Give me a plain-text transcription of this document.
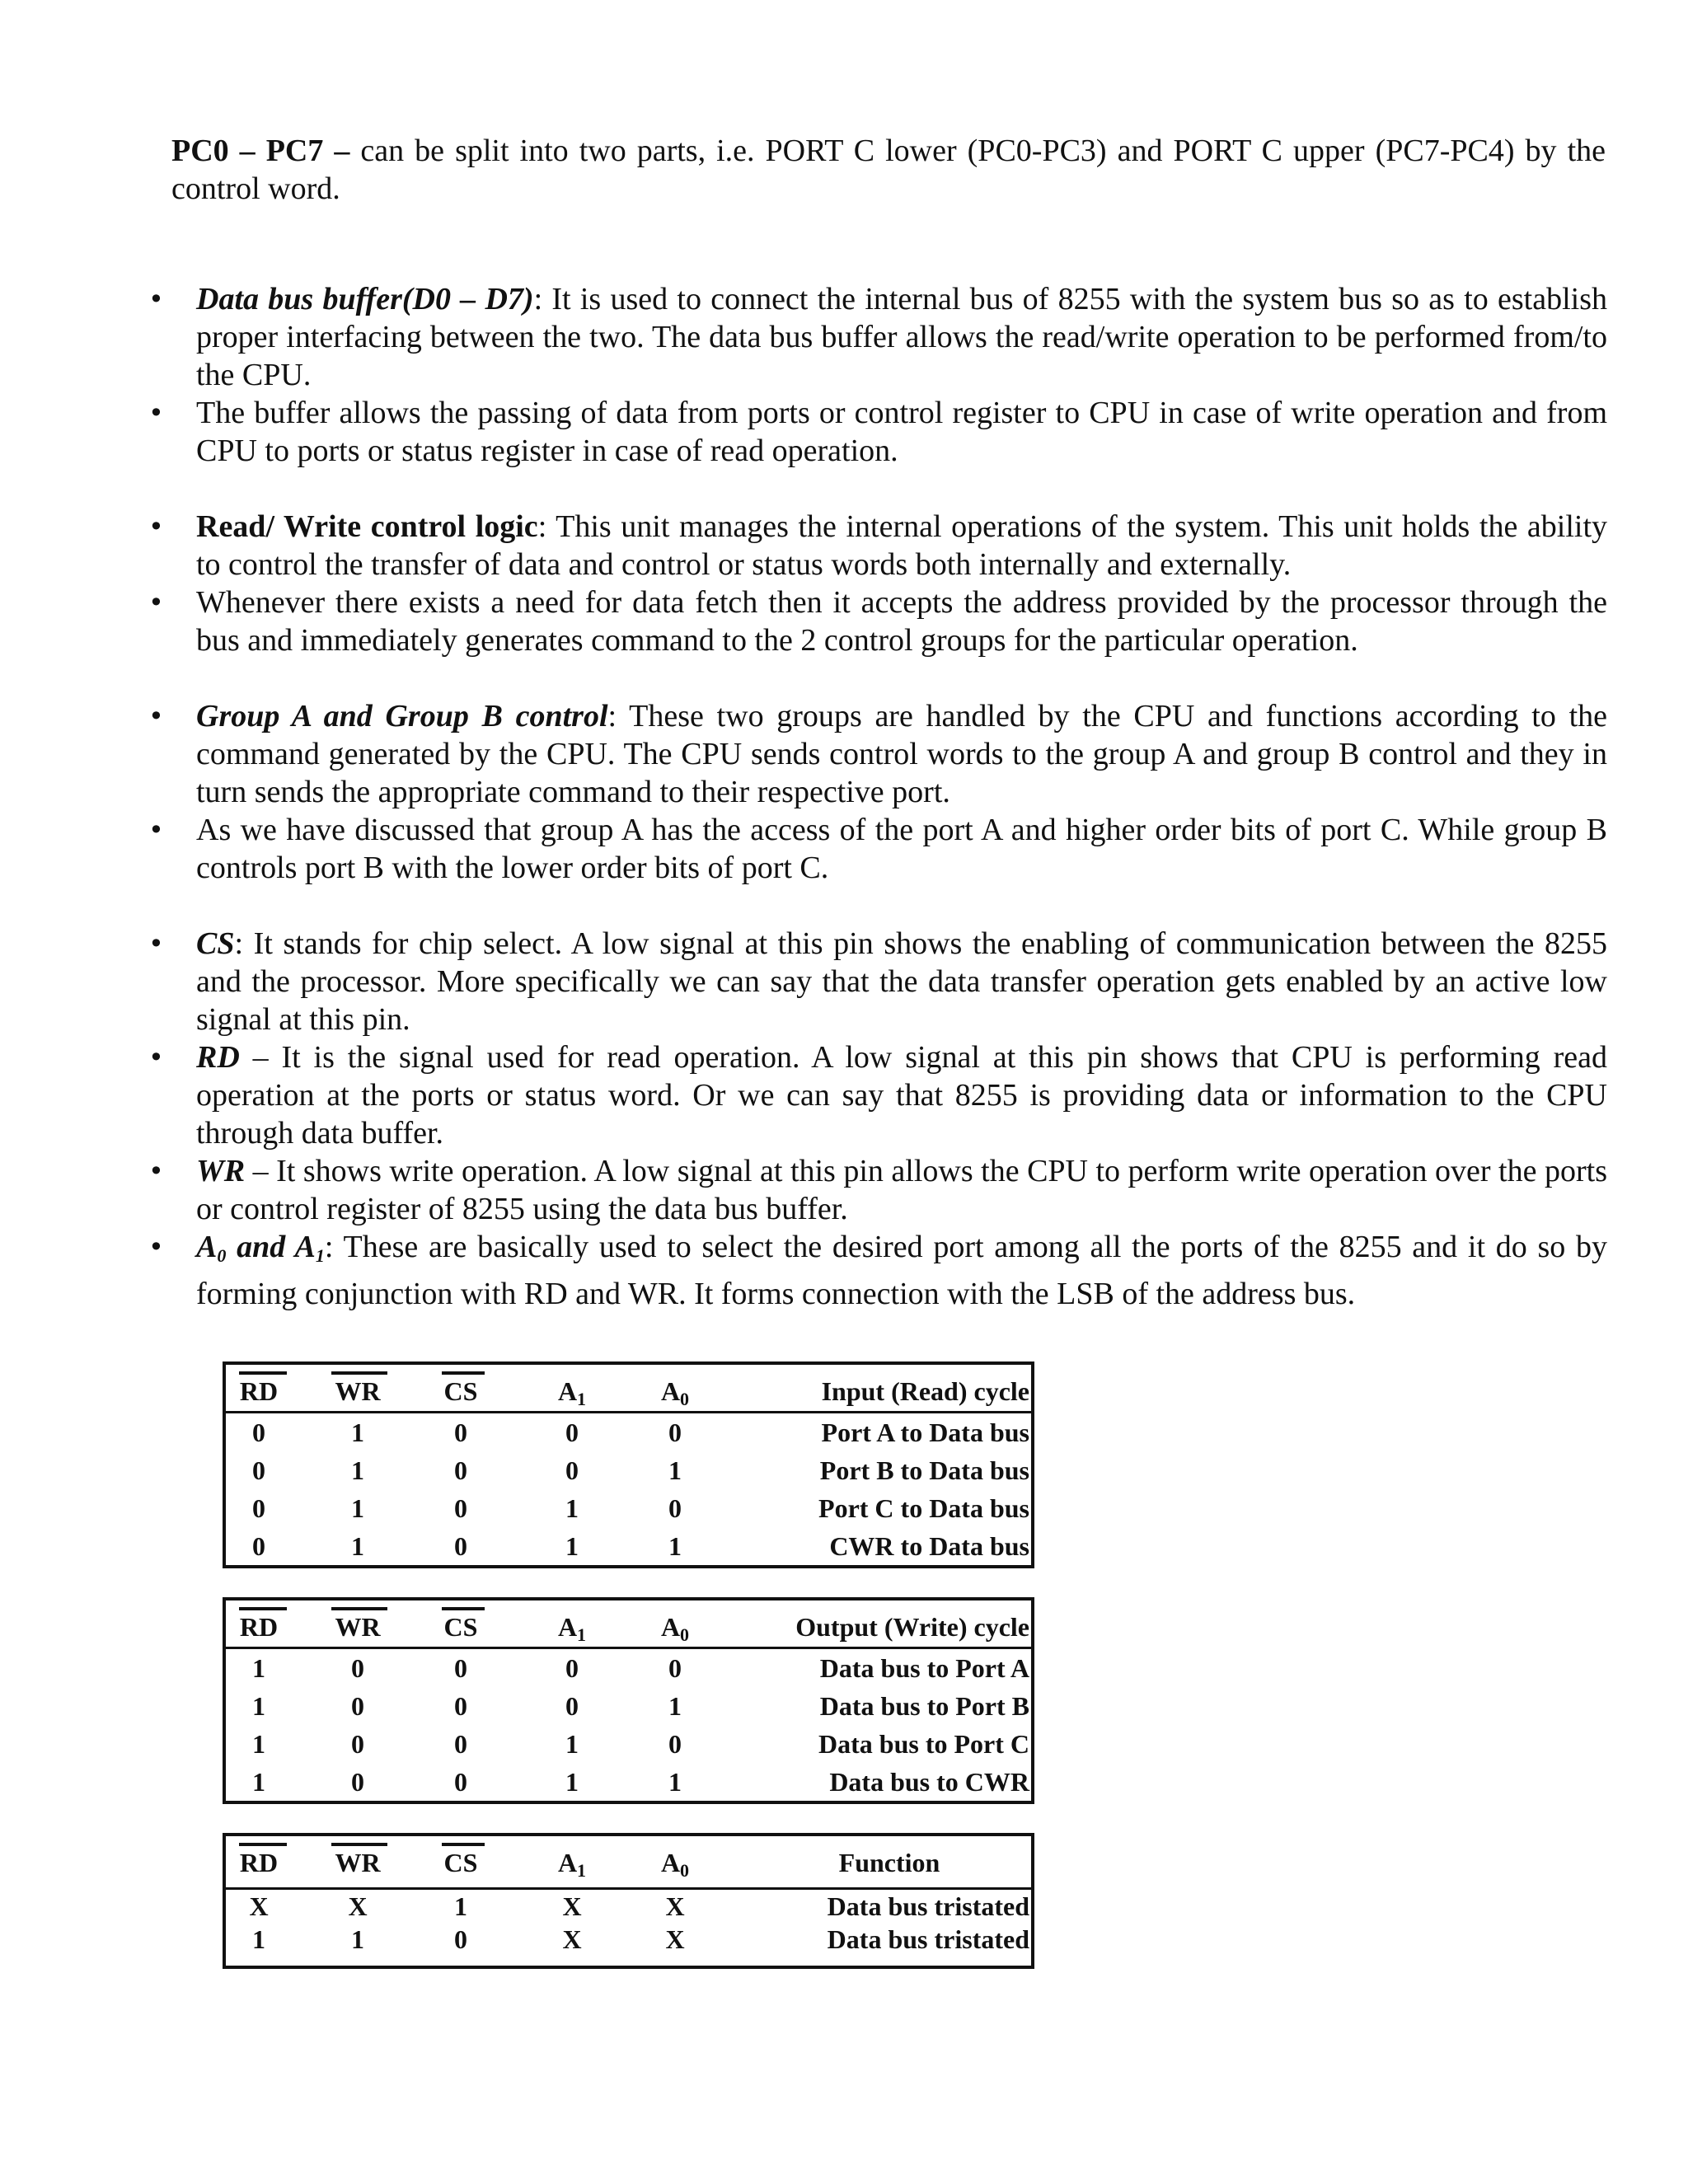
PC0 – PC7 – can be split into two parts, i.e. PORT C lower (PC0-PC3) and PORT C upper (PC7-PC4) by the control word.

• Data bus buffer(D0 – D7): It is used to connect the internal bus of 8255 with the system bus so as to establish proper interfacing between the two. The data bus buffer allows the read/write operation to be performed from/to the CPU.
• The buffer allows the passing of data from ports or control register to CPU in case of write operation and from CPU to ports or status register in case of read operation.
• Read/ Write control logic: This unit manages the internal operations of the system. This unit holds the ability to control the transfer of data and control or status words both internally and externally.
• Whenever there exists a need for data fetch then it accepts the address provided by the processor through the bus and immediately generates command to the 2 control groups for the particular operation.
• Group A and Group B control: These two groups are handled by the CPU and functions according to the command generated by the CPU. The CPU sends control words to the group A and group B control and they in turn sends the appropriate command to their respective port.
• As we have discussed that group A has the access of the port A and higher order bits of port C. While group B controls port B with the lower order bits of port C.
• CS: It stands for chip select. A low signal at this pin shows the enabling of communication between the 8255 and the processor. More specifically we can say that the data transfer operation gets enabled by an active low signal at this pin.
• RD – It is the signal used for read operation. A low signal at this pin shows that CPU is performing read operation at the ports or status word. Or we can say that 8255 is providing data or information to the CPU through data buffer.
• WR – It shows write operation. A low signal at this pin allows the CPU to perform write operation over the ports or control register of 8255 using the data bus buffer.
• $A_0$ and $A_1$: These are basically used to select the desired port among all the ports of the 8255 and it do so by forming conjunction with RD and WR. It forms connection with the LSB of the address bus.
RD	WR	CS	$A_1$	$A_0$	Input (Read) cycle
0	1	0	0	0	Port A to Data bus
0	1	0	0	1	Port B to Data bus
0	1	0	1	0	Port C to Data bus
0	1	0	1	1	CWR to Data bus
RD	WR	CS	$A_1$	$A_0$	Output (Write) cycle
1	0	0	0	0	Data bus to Port A
1	0	0	0	1	Data bus to Port B
1	0	0	1	0	Data bus to Port C
1	0	0	1	1	Data bus to CWR
RD	WR	CS	$A_1$	$A_0$	Function
X	X	1	X	X	Data bus tristated
1	1	0	X	X	Data bus tristated
